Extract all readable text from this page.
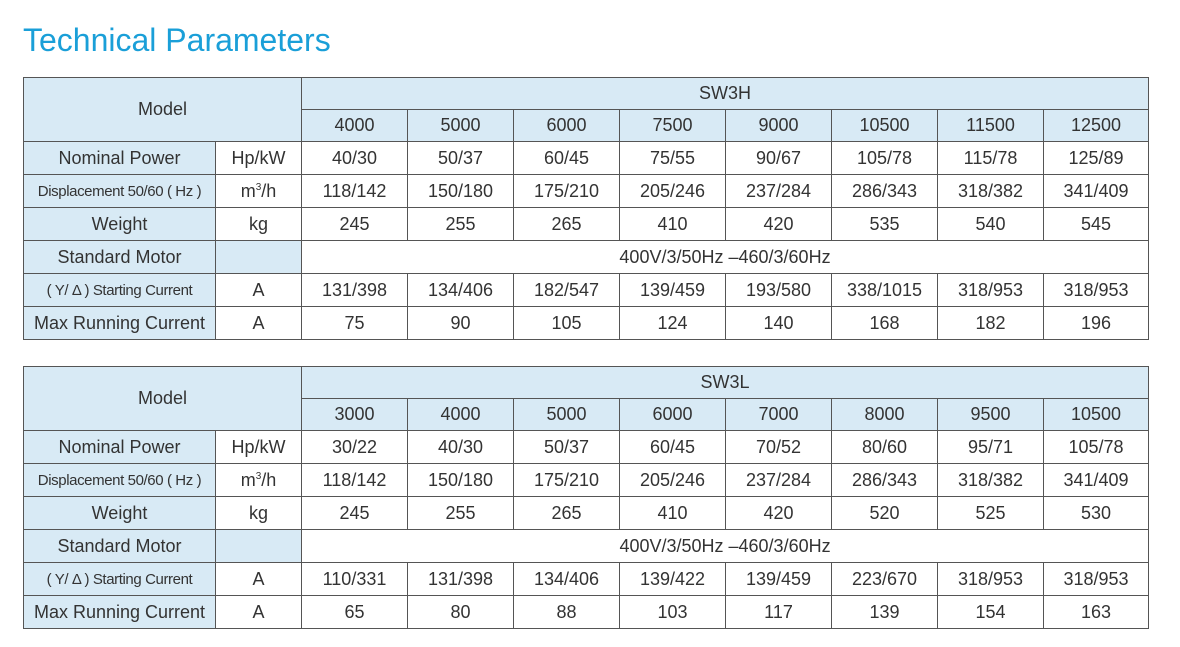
Technical Parameters
Model		SW3H							
		4000	5000	6000	7500	9000	10500	11500	12500
Nominal Power	Hp/kW	40/30	50/37	60/45	75/55	90/67	105/78	115/78	125/89
Displacement 50/60 ( Hz )	$m^3/h$	118/142	150/180	175/210	205/246	237/284	286/343	318/382	341/409
Weight	kg	245	255	265	410	420	535	540	545
Standard Motor		400V/3/50Hz –460/3/60Hz							
( Y/ Δ ) Starting Current	A	131/398	134/406	182/547	139/459	193/580	338/1015	318/953	318/953
Max Running Current	A	75	90	105	124	140	168	182	196
Model		SW3L							
		3000	4000	5000	6000	7000	8000	9500	10500
Nominal Power	Hp/kW	30/22	40/30	50/37	60/45	70/52	80/60	95/71	105/78
Displacement 50/60 ( Hz )	$m^3/h$	118/142	150/180	175/210	205/246	237/284	286/343	318/382	341/409
Weight	kg	245	255	265	410	420	520	525	530
Standard Motor		400V/3/50Hz –460/3/60Hz							
( Y/ Δ ) Starting Current	A	110/331	131/398	134/406	139/422	139/459	223/670	318/953	318/953
Max Running Current	A	65	80	88	103	117	139	154	163
